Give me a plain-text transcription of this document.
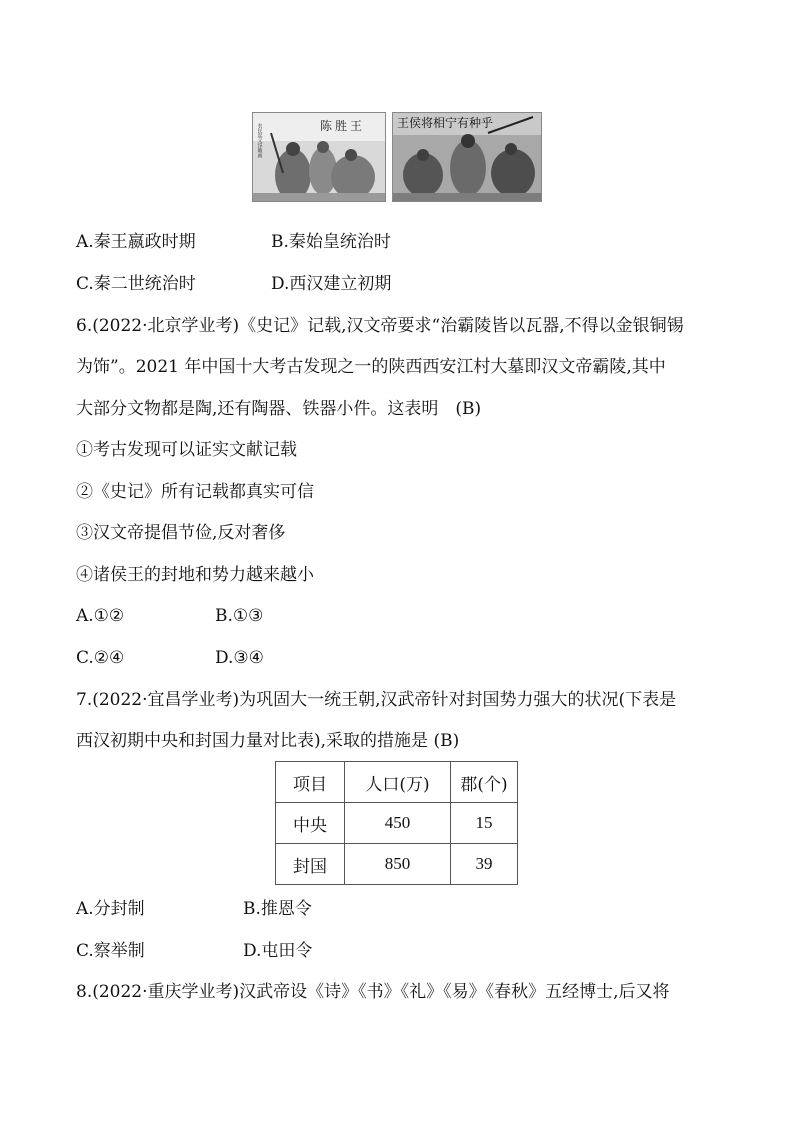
陈 胜 王
农民起义浮雕画	王侯将相宁有种乎
A.秦王嬴政时期	B.秦始皇统治时
C.秦二世统治时	D.西汉建立初期
6.(2022·北京学业考)《史记》记载,汉文帝要求“治霸陵皆以瓦器,不得以金银铜锡
为饰”。2021 年中国十大考古发现之一的陕西西安江村大墓即汉文帝霸陵,其中
大部分文物都是陶,还有陶器、铁器小件。这表明　(B)
①考古发现可以证实文献记载
②《史记》所有记载都真实可信
③汉文帝提倡节俭,反对奢侈
④诸侯王的封地和势力越来越小
A.①②	B.①③
C.②④	D.③④
7.(2022·宜昌学业考)为巩固大一统王朝,汉武帝针对封国势力强大的状况(下表是
西汉初期中央和封国力量对比表),采取的措施是 (B)
项目	人口(万)	郡(个)
中央	450	15
封国	850	39
A.分封制	B.推恩令
C.察举制	D.屯田令
8.(2022·重庆学业考)汉武帝设《诗》《书》《礼》《易》《春秋》五经博士,后又将
